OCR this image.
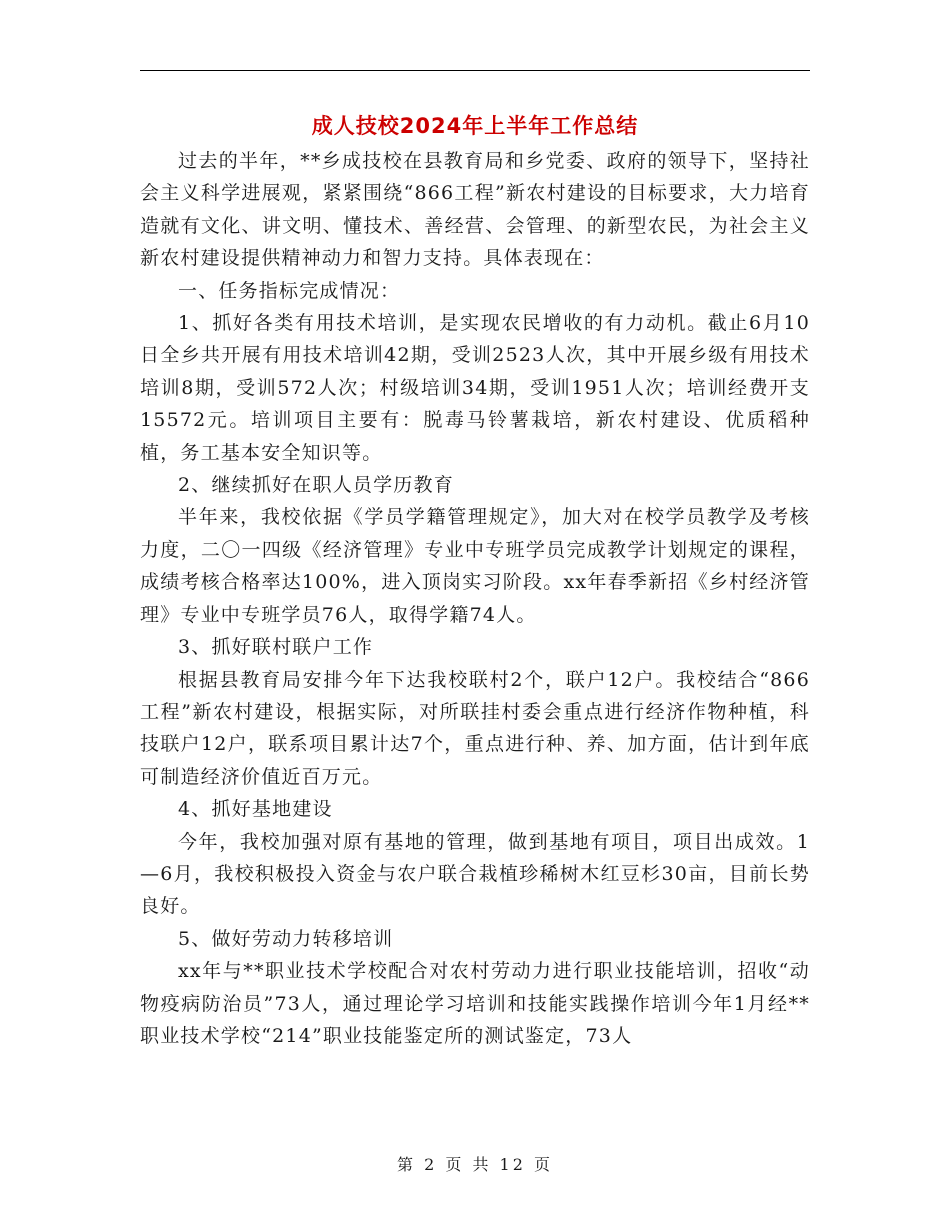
成人技校2024年上半年工作总结

过去的半年，**乡成技校在县教育局和乡党委、政府的领导下，坚持社会主义科学进展观，紧紧围绕“866工程”新农村建设的目标要求，大力培育造就有文化、讲文明、懂技术、善经营、会管理、的新型农民，为社会主义新农村建设提供精神动力和智力支持。具体表现在：

一、任务指标完成情况：

1、抓好各类有用技术培训，是实现农民增收的有力动机。截止6月10日全乡共开展有用技术培训42期，受训2523人次，其中开展乡级有用技术培训8期，受训572人次；村级培训34期，受训1951人次；培训经费开支15572元。培训项目主要有：脱毒马铃薯栽培，新农村建设、优质稻种植，务工基本安全知识等。

2、继续抓好在职人员学历教育

半年来，我校依据《学员学籍管理规定》，加大对在校学员教学及考核力度，二〇一四级《经济管理》专业中专班学员完成教学计划规定的课程，成绩考核合格率达100%，进入顶岗实习阶段。xx年春季新招《乡村经济管理》专业中专班学员76人，取得学籍74人。

3、抓好联村联户工作

根据县教育局安排今年下达我校联村2个，联户12户。我校结合“866工程”新农村建设，根据实际，对所联挂村委会重点进行经济作物种植，科技联户12户，联系项目累计达7个，重点进行种、养、加方面，估计到年底可制造经济价值近百万元。

4、抓好基地建设

今年，我校加强对原有基地的管理，做到基地有项目，项目出成效。1—6月，我校积极投入资金与农户联合栽植珍稀树木红豆杉30亩，目前长势良好。

5、做好劳动力转移培训

xx年与**职业技术学校配合对农村劳动力进行职业技能培训，招收“动物疫病防治员”73人，通过理论学习培训和技能实践操作培训今年1月经**职业技术学校“214”职业技能鉴定所的测试鉴定，73人

第 2 页 共 12 页
